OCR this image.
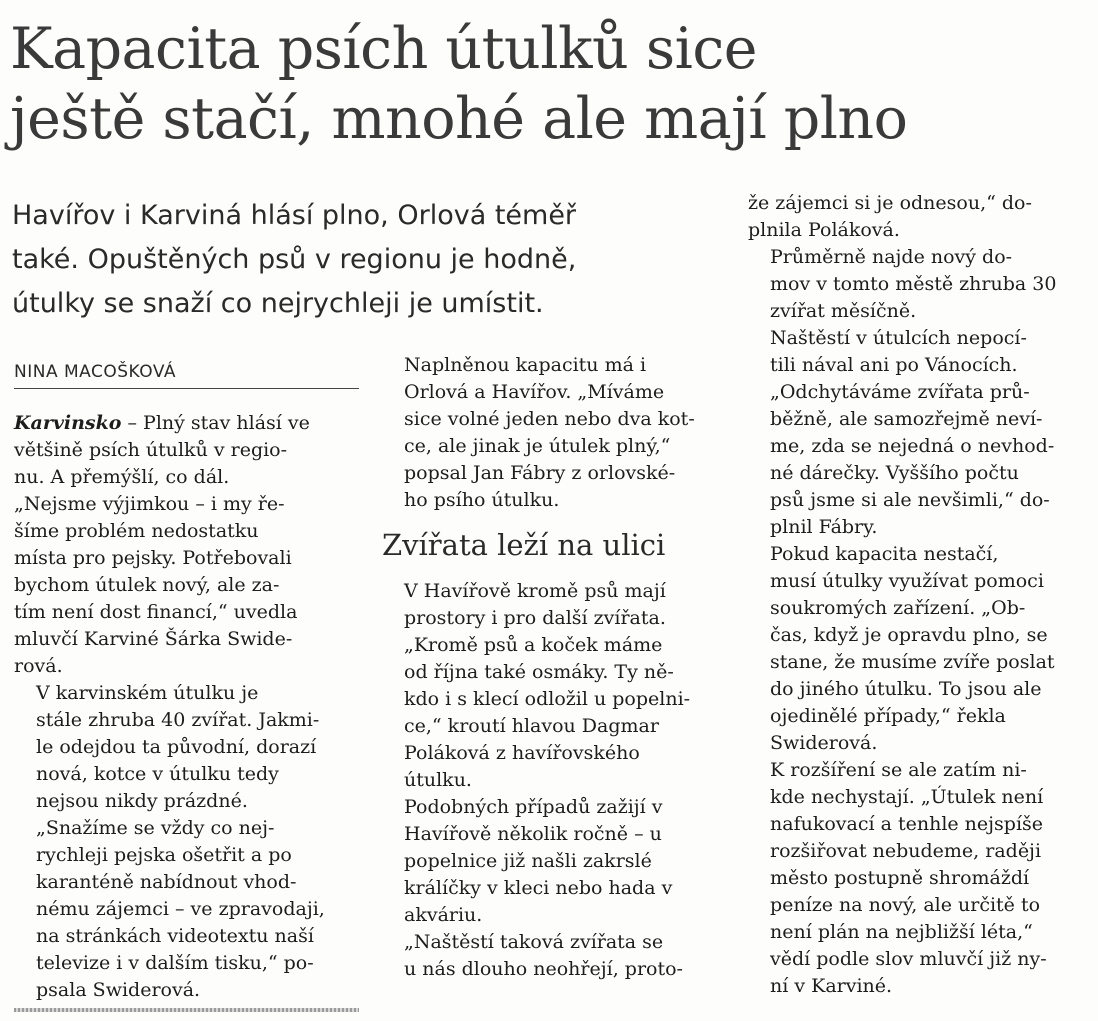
Kapacita psích útulků sice
ještě stačí, mnohé ale mají plno
Havířov i Karviná hlásí plno, Orlová téměř
také. Opuštěných psů v regionu je hodně,
útulky se snaží co nejrychleji je umístit.
NINA MACOŠKOVÁ

Karvinsko – Plný stav hlásí ve
většině psích útulků v regio-
nu. A přemýšlí, co dál.
„Nejsme výjimkou – i my ře-
šíme problém nedostatku
místa pro pejsky. Potřebovali
bychom útulek nový, ale za-
tím není dost financí,“ uvedla
mluvčí Karviné Šárka Swide-
rová.

V karvinském útulku je
stále zhruba 40 zvířat. Jakmi-
le odejdou ta původní, dorazí
nová, kotce v útulku tedy
nejsou nikdy prázdné.

„Snažíme se vždy co nej-
rychleji pejska ošetřit a po
karanténě nabídnout vhod-
nému zájemci – ve zpravodaji,
na stránkách videotextu naší
televize i v dalším tisku,“ po-
psala Swiderová.

Naplněnou kapacitu má i
Orlová a Havířov. „Míváme
sice volné jeden nebo dva kot-
ce, ale jinak je útulek plný,“
popsal Jan Fábry z orlovské-
ho psího útulku.

Zvířata leží na ulici

V Havířově kromě psů mají
prostory i pro další zvířata.

„Kromě psů a koček máme
od října také osmáky. Ty ně-
kdo i s klecí odložil u popelni-
ce,“ kroutí hlavou Dagmar
Poláková z havířovského
útulku.

Podobných případů zažijí v
Havířově několik ročně – u
popelnice již našli zakrslé
králíčky v kleci nebo hada v
akváriu.

„Naštěstí taková zvířata se
u nás dlouho neohřejí, proto-

že zájemci si je odnesou,“ do-
plnila Poláková.

Průměrně najde nový do-
mov v tomto městě zhruba 30
zvířat měsíčně.

Naštěstí v útulcích nepocí-
tili nával ani po Vánocích.
„Odchytáváme zvířata prů-
běžně, ale samozřejmě neví-
me, zda se nejedná o nevhod-
né dárečky. Vyššího počtu
psů jsme si ale nevšimli,“ do-
plnil Fábry.

Pokud kapacita nestačí,
musí útulky využívat pomoci
soukromých zařízení. „Ob-
čas, když je opravdu plno, se
stane, že musíme zvíře poslat
do jiného útulku. To jsou ale
ojedinělé případy,“ řekla
Swiderová.

K rozšíření se ale zatím ni-
kde nechystají. „Útulek není
nafukovací a tenhle nejspíše
rozšiřovat nebudeme, raději
město postupně shromáždí
peníze na nový, ale určitě to
není plán na nejbližší léta,“
vědí podle slov mluvčí již ny-
ní v Karviné.
